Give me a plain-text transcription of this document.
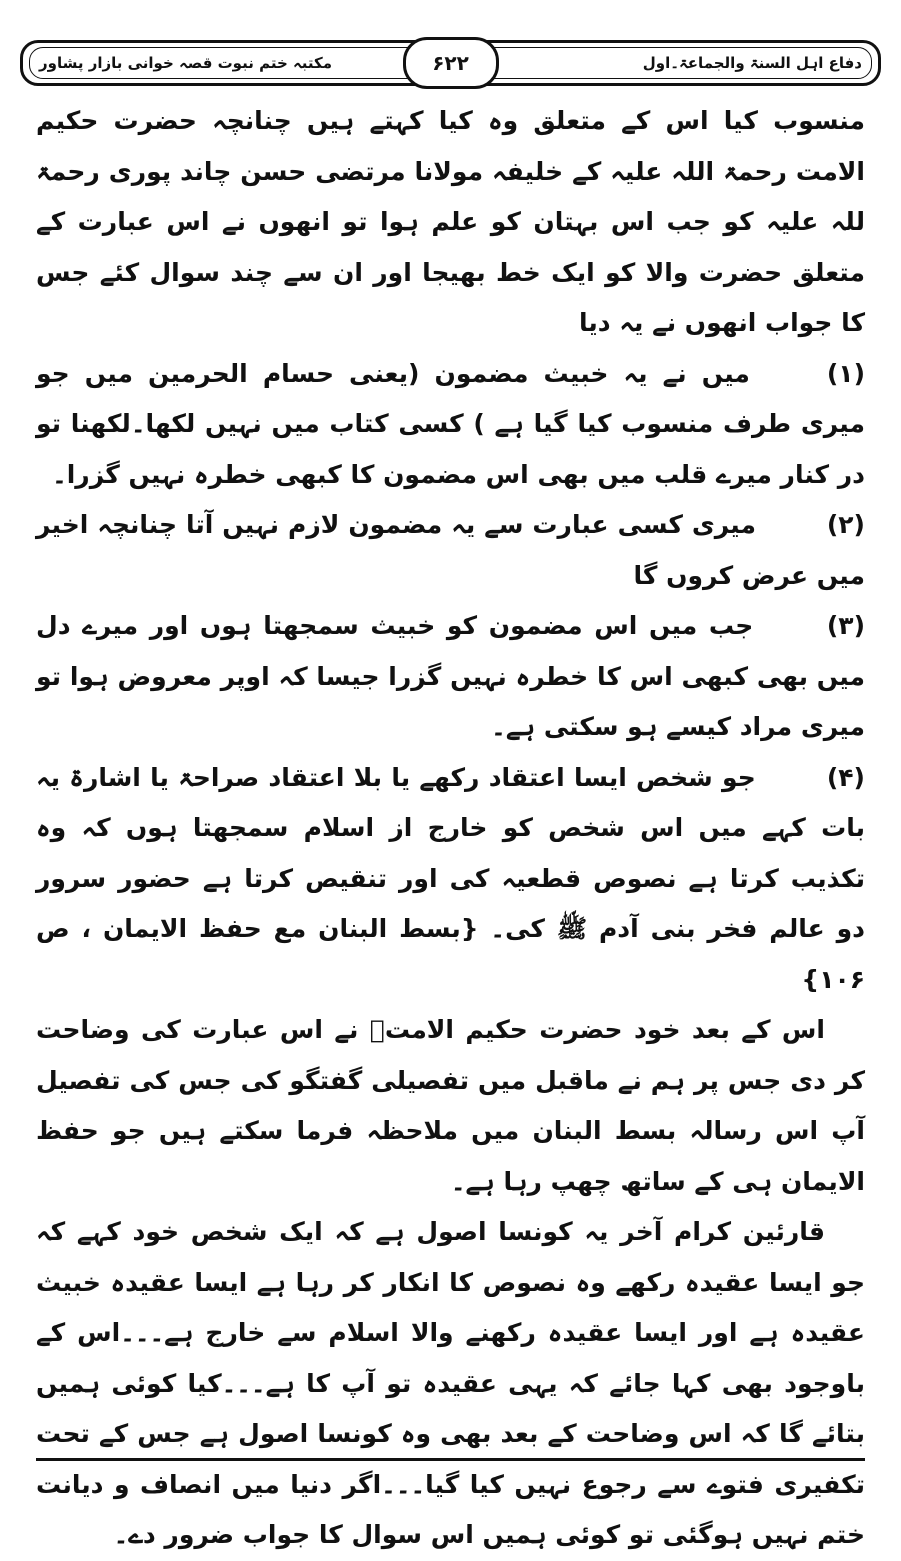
مکتبہ ختم نبوت قصہ خوانی بازار پشاور	۶۲۲	دفاع اہل السنۃ والجماعۃ۔اول

منسوب کیا اس کے متعلق وہ کیا کہتے ہیں چنانچہ حضرت حکیم الامت رحمۃ اللہ علیہ کے خلیفہ مولانا مرتضی حسن چاند پوری رحمۃ للہ علیہ کو جب اس بہتان کو علم ہوا تو انھوں نے اس عبارت کے متعلق حضرت والا کو ایک خط بھیجا اور ان سے چند سوال کئے جس کا جواب انھوں نے یہ دیا

(۱) میں نے یہ خبیث مضمون (یعنی حسام الحرمین میں جو میری طرف منسوب کیا گیا ہے ) کسی کتاب میں نہیں لکھا۔لکھنا تو در کنار میرے قلب میں بھی اس مضمون کا کبھی خطرہ نہیں گزرا۔

(۲) میری کسی عبارت سے یہ مضمون لازم نہیں آتا چنانچہ اخیر میں عرض کروں گا

(۳) جب میں اس مضمون کو خبیث سمجھتا ہوں اور میرے دل میں بھی کبھی اس کا خطرہ نہیں گزرا جیسا کہ اوپر معروض ہوا تو میری مراد کیسے ہو سکتی ہے۔

(۴) جو شخص ایسا اعتقاد رکھے یا بلا اعتقاد صراحۃ یا اشارۃ یہ بات کہے میں اس شخص کو خارج از اسلام سمجھتا ہوں کہ وہ تکذیب کرتا ہے نصوص قطعیہ کی اور تنقیص کرتا ہے حضور سرور دو عالم فخر بنی آدم ﷺ کی۔ {بسط البنان مع حفظ الایمان ، ص ۱۰۶}

اس کے بعد خود حضرت حکیم الامتؒ نے اس عبارت کی وضاحت کر دی جس پر ہم نے ماقبل میں تفصیلی گفتگو کی جس کی تفصیل آپ اس رسالہ بسط البنان میں ملاحظہ فرما سکتے ہیں جو حفظ الایمان ہی کے ساتھ چھپ رہا ہے۔

قارئین کرام آخر یہ کونسا اصول ہے کہ ایک شخص خود کہے کہ جو ایسا عقیدہ رکھے وہ نصوص کا انکار کر رہا ہے ایسا عقیدہ خبیث عقیدہ ہے اور ایسا عقیدہ رکھنے والا اسلام سے خارج ہے۔۔۔اس کے باوجود بھی کہا جائے کہ یہی عقیدہ تو آپ کا ہے۔۔۔کیا کوئی ہمیں بتائے گا کہ اس وضاحت کے بعد بھی وہ کونسا اصول ہے جس کے تحت تکفیری فتوے سے رجوع نہیں کیا گیا۔۔۔اگر دنیا میں انصاف و دیانت ختم نہیں ہوگئی تو کوئی ہمیں اس سوال کا جواب ضرور دے۔
